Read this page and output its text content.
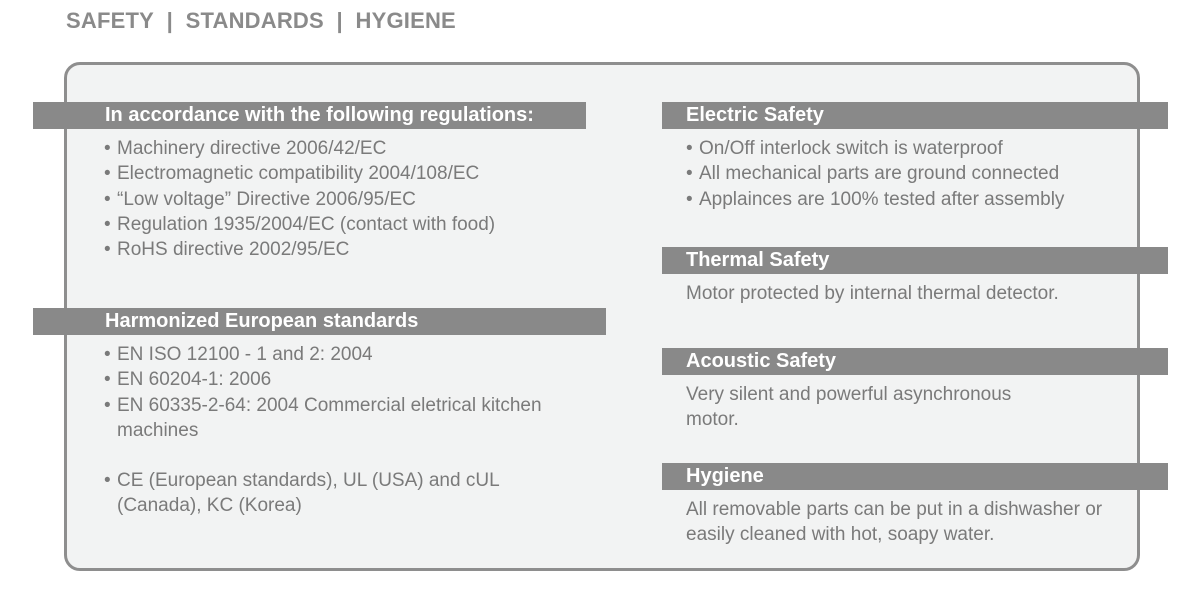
SAFETY | STANDARDS | HYGIENE
In accordance with the following regulations:
• Machinery directive 2006/42/EC
• Electromagnetic compatibility 2004/108/EC
• “Low voltage” Directive 2006/95/EC
• Regulation 1935/2004/EC (contact with food)
• RoHS directive 2002/95/EC
Harmonized European standards
• EN ISO 12100 - 1 and 2: 2004
• EN 60204-1: 2006
• EN 60335-2-64: 2004 Commercial eletrical kitchen machines
• CE (European standards), UL (USA) and cUL (Canada), KC (Korea)
Electric Safety
• On/Off interlock switch is waterproof
• All mechanical parts are ground connected
• Applainces are 100% tested after assembly
Thermal Safety

Motor protected by internal thermal detector.

Acoustic Safety

Very silent and powerful asynchronous motor.

Hygiene

All removable parts can be put in a dishwasher or easily cleaned with hot, soapy water.
